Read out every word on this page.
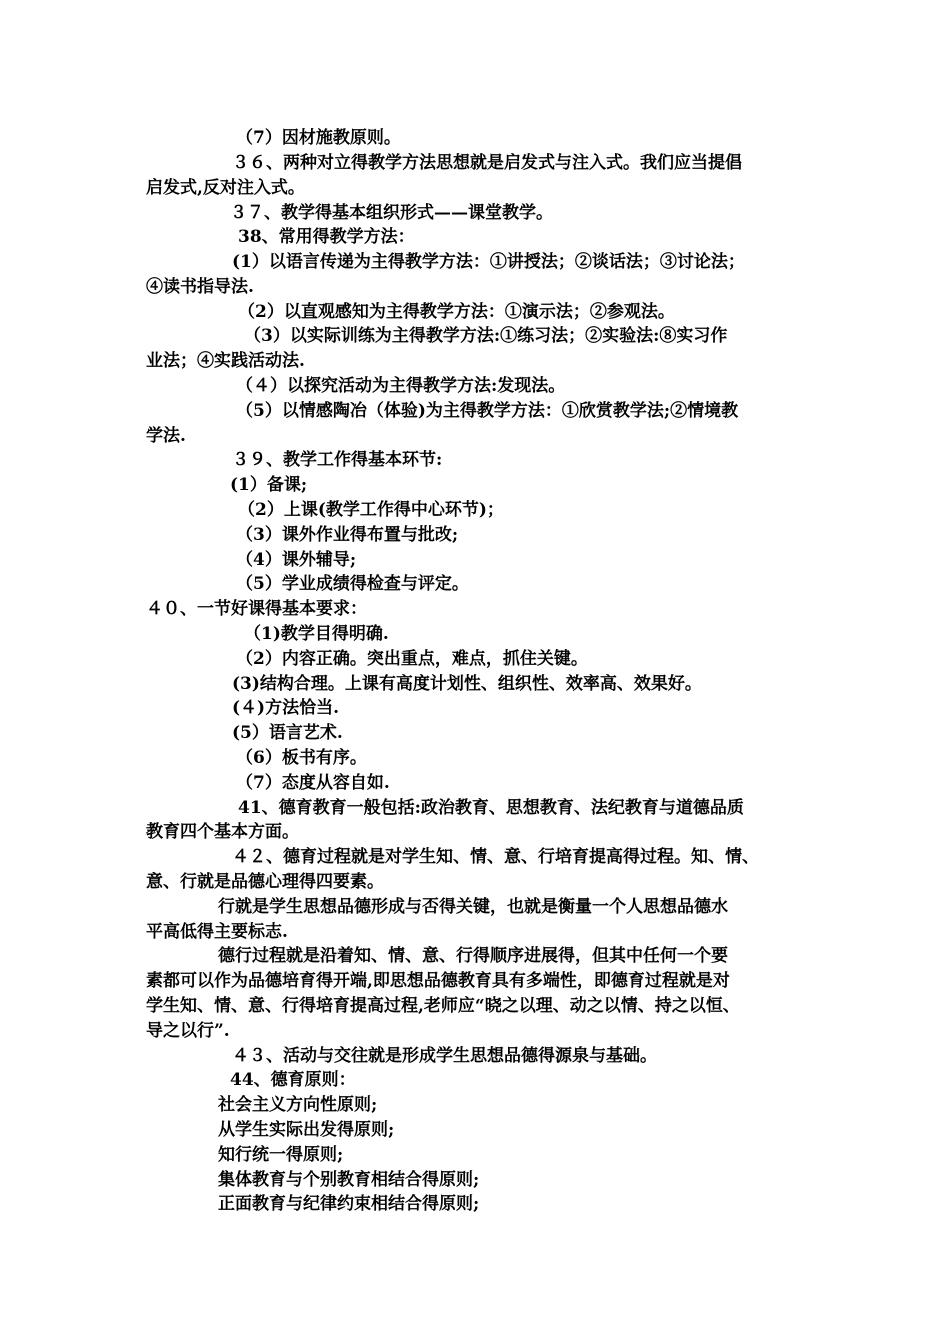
（7）因材施教原则。
３６、两种对立得教学方法思想就是启发式与注入式。我们应当提倡
启发式,反对注入式。
３７、教学得基本组织形式——课堂教学。
38、常用得教学方法：
(1）以语言传递为主得教学方法：①讲授法；②谈话法；③讨论法；
④读书指导法.
（2）以直观感知为主得教学方法：①演示法；②参观法。
（3）以实际训练为主得教学方法:①练习法；②实验法:⑧实习作
业法；④实践活动法.
（４）以探究活动为主得教学方法:发现法。
（5）以情感陶冶（体验)为主得教学方法：①欣赏教学法;②情境教
学法.
３９、教学工作得基本环节:
(1）备课;
（2）上课(教学工作得中心环节)；
（3）课外作业得布置与批改;
（4）课外辅导;
（5）学业成绩得检查与评定。
４０、一节好课得基本要求：
（1)教学目得明确.
（2）内容正确。突出重点，难点，抓住关键。
(3)结构合理。上课有高度计划性、组织性、效率高、效果好。
(４)方法恰当.
(5）语言艺术.
（6）板书有序。
（7）态度从容自如.
41、德育教育一般包括:政治教育、思想教育、法纪教育与道德品质
教育四个基本方面。
４２、德育过程就是对学生知、情、意、行培育提高得过程。知、情、
意、行就是品德心理得四要素。
行就是学生思想品德形成与否得关键，也就是衡量一个人思想品德水
平高低得主要标志.
德行过程就是沿着知、情、意、行得顺序进展得，但其中任何一个要
素都可以作为品德培育得开端,即思想品德教育具有多端性，即德育过程就是对
学生知、情、意、行得培育提高过程,老师应“晓之以理、动之以情、持之以恒、
导之以行”.
４３、活动与交往就是形成学生思想品德得源泉与基础。
44、德育原则：
社会主义方向性原则;
从学生实际出发得原则;
知行统一得原则;
集体教育与个别教育相结合得原则;
正面教育与纪律约束相结合得原则;
